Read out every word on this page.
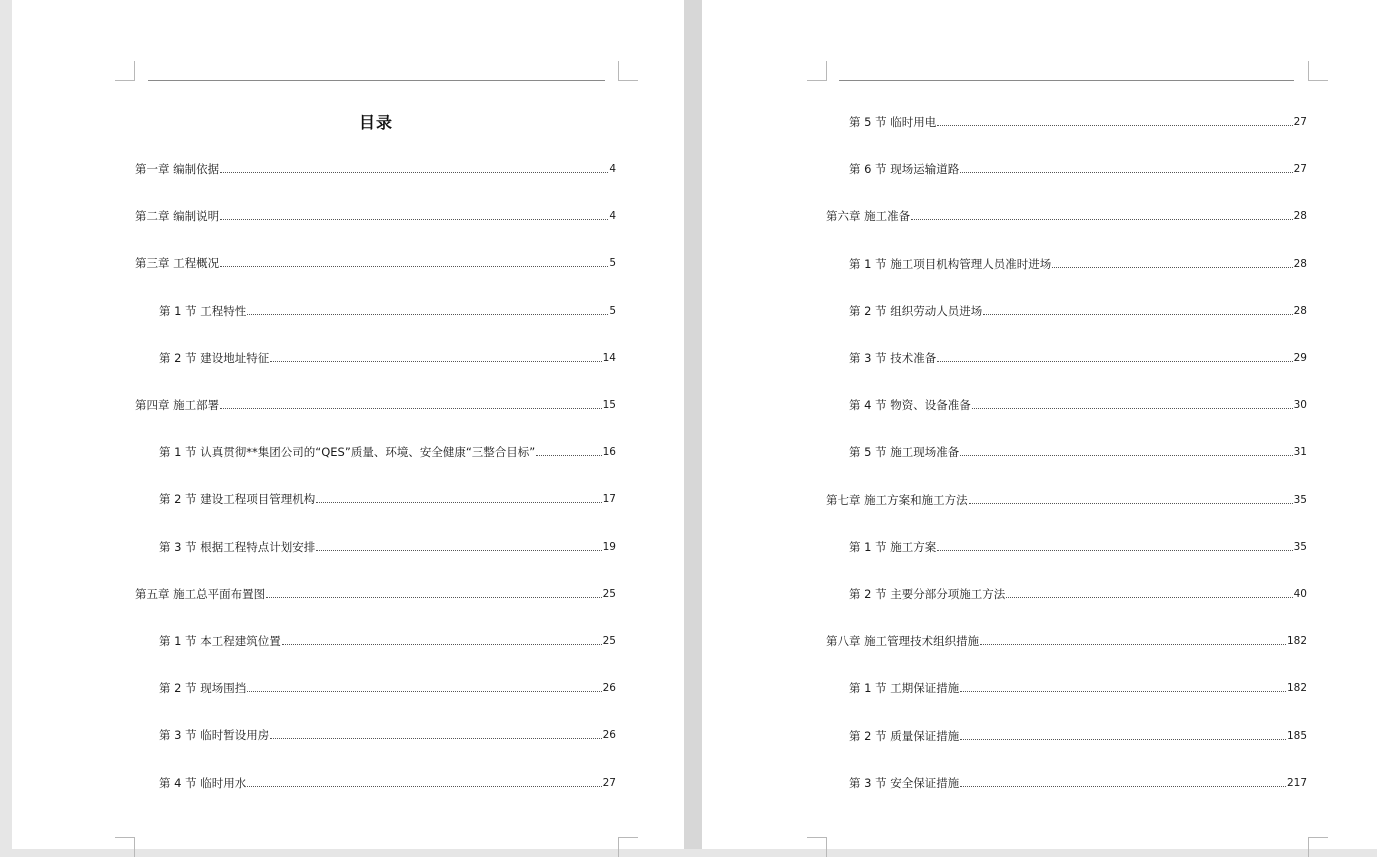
目录
第一章 编制依据	4
第二章 编制说明	4
第三章 工程概况	5
第 1 节 工程特性	5
第 2 节 建设地址特征	14
第四章 施工部署	15
第 1 节 认真贯彻**集团公司的“QES”质量、环境、安全健康“三整合目标”	16
第 2 节 建设工程项目管理机构	17
第 3 节 根据工程特点计划安排	19
第五章 施工总平面布置图	25
第 1 节 本工程建筑位置	25
第 2 节 现场围挡	26
第 3 节 临时暂设用房	26
第 4 节 临时用水	27
第 5 节 临时用电	27
第 6 节 现场运输道路	27
第六章 施工准备	28
第 1 节 施工项目机构管理人员准时进场	28
第 2 节 组织劳动人员进场	28
第 3 节 技术准备	29
第 4 节 物资、设备准备	30
第 5 节 施工现场准备	31
第七章 施工方案和施工方法	35
第 1 节 施工方案	35
第 2 节 主要分部分项施工方法	40
第八章 施工管理技术组织措施	182
第 1 节 工期保证措施	182
第 2 节 质量保证措施	185
第 3 节 安全保证措施	217
